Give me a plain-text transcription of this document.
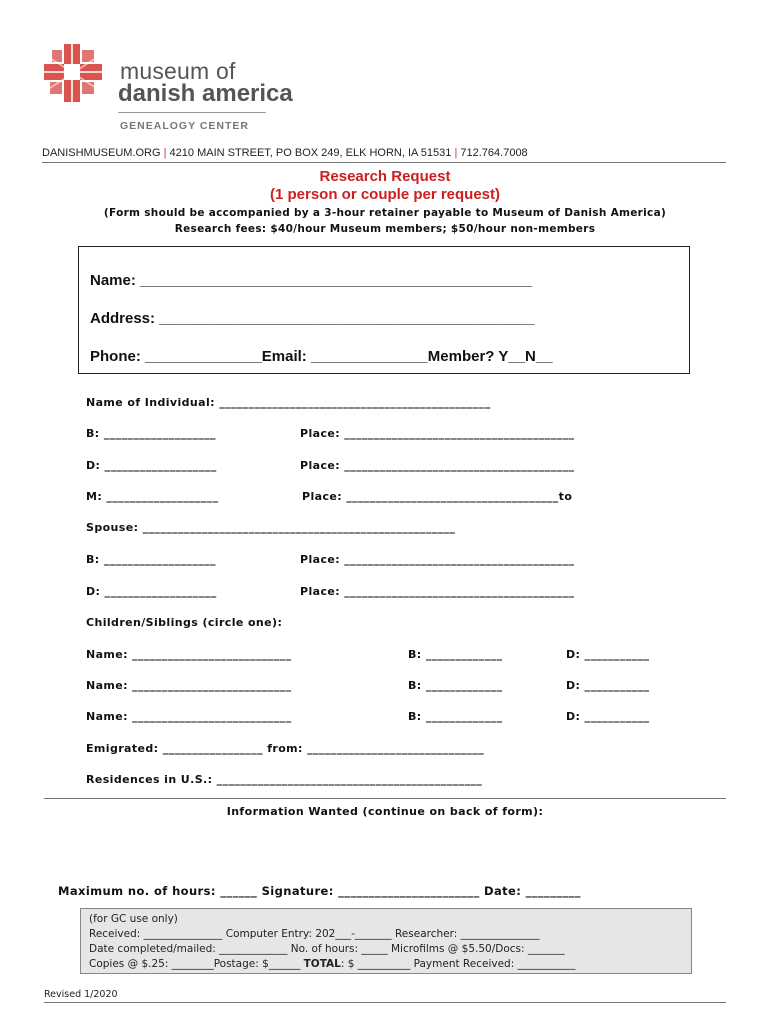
museum of
danish america
GENEALOGY CENTER
DANISHMUSEUM.ORG | 4210 MAIN STREET, PO BOX 249, ELK HORN, IA 51531 | 712.764.7008
Research Request
(1 person or couple per request)
(Form should be accompanied by a 3-hour retainer payable to Museum of Danish America)
Research fees: $40/hour Museum members; $50/hour non-members
Name: _______________________________________________
Address: _____________________________________________
Phone: ______________Email: ______________Member? Y__N__
Name of Individual: ______________________________________________
B: ___________________	Place: _______________________________________
D: ___________________	Place: _______________________________________
M: ___________________	Place: ____________________________________to
Spouse: _____________________________________________________
B: ___________________	Place: _______________________________________
D: ___________________	Place: _______________________________________
Children/Siblings (circle one):
Name: ___________________________	B: _____________	D: ___________
Name: ___________________________	B: _____________	D: ___________
Name: ___________________________	B: _____________	D: ___________
Emigrated: _________________ from: ______________________________
Residences in U.S.: _____________________________________________
Information Wanted (continue on back of form):
Maximum no. of hours: ______ Signature: _______________________ Date: _________
(for GC use only)
Received: _______________ Computer Entry: 202___-_______ Researcher: _______________
Date completed/mailed: _____________ No. of hours: _____ Microfilms @ $5.50/Docs: _______
Copies @ $.25: ________Postage: $______ TOTAL: $ __________ Payment Received: ___________
Revised 1/2020
